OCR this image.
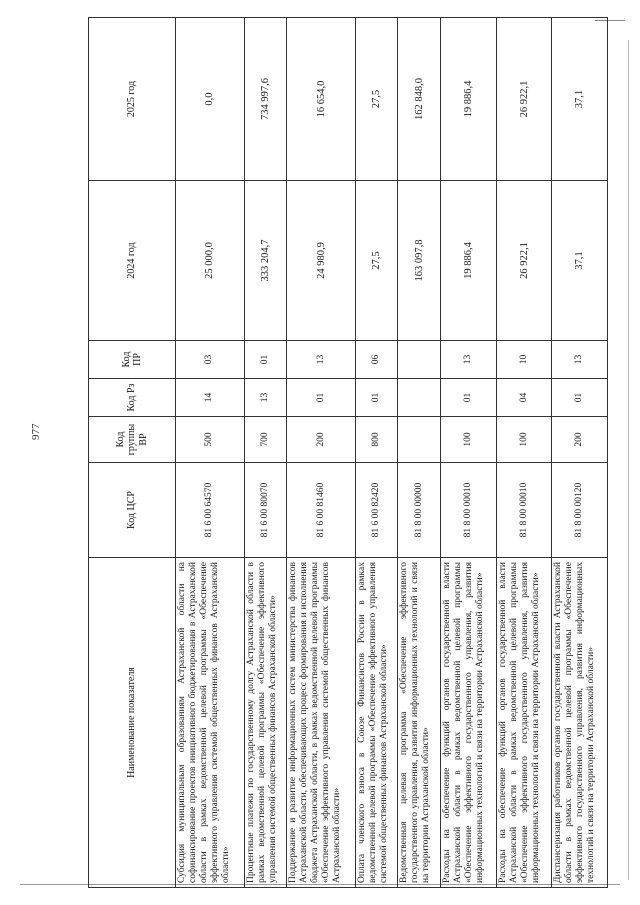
977
Наименование показателя	Код ЦСР	Код группы ВР	Код Рз	Код ПР	2024 год	2025 год
Субсидия муниципальным образованиям Астраханской области на софинансирование проектов инициативного бюджетирования в Астраханской области в рамках ведомственной целевой программы «Обеспечение эффективного управления системой общественных финансов Астраханской области»	81 6 00 64570	500	14	03	25 000,0	0,0
Процентные платежи по государственному долгу Астраханской области в рамках ведомственной целевой программы «Обеспечение эффективного управления системой общественных финансов Астраханской области»	81 6 00 80070	700	13	01	333 204,7	734 997,6
Поддержание и развитие информационных систем министерства финансов Астраханской области, обеспечивающих процесс формирования и исполнения бюджета Астраханской области, в рамках ведомственной целевой программы «Обеспечение эффективного управления системой общественных финансов Астраханской области»	81 6 00 81460	200	01	13	24 980,9	16 654,0
Оплата членского взноса в Союзе Финансистов России в рамках ведомственной целевой программы «Обеспечение эффективного управления системой общественных финансов Астраханской области»	81 6 00 82420	800	01	06	27,5	27,5
Ведомственная целевая программа «Обеспечение эффективного государственного управления, развития информационных технологий и связи на территории Астраханской области»	81 8 00 00000				163 097,8	162 848,0
Расходы на обеспечение функций органов государственной власти Астраханской области в рамках ведомственной целевой программы «Обеспечение эффективного государственного управления, развития информационных технологий и связи на территории Астраханской области»	81 8 00 00010	100	01	13	19 886,4	19 886,4
Расходы на обеспечение функций органов государственной власти Астраханской области в рамках ведомственной целевой программы «Обеспечение эффективного государственного управления, развития информационных технологий и связи на территории Астраханской области»	81 8 00 00010	100	04	10	26 922,1	26 922,1
Диспансеризация работников органов государственной власти Астраханской области в рамках ведомственной целевой программы «Обеспечение эффективного государственного управления, развития информационных технологий и связи на территории Астраханской области»	81 8 00 00120	200	01	13	37,1	37,1
